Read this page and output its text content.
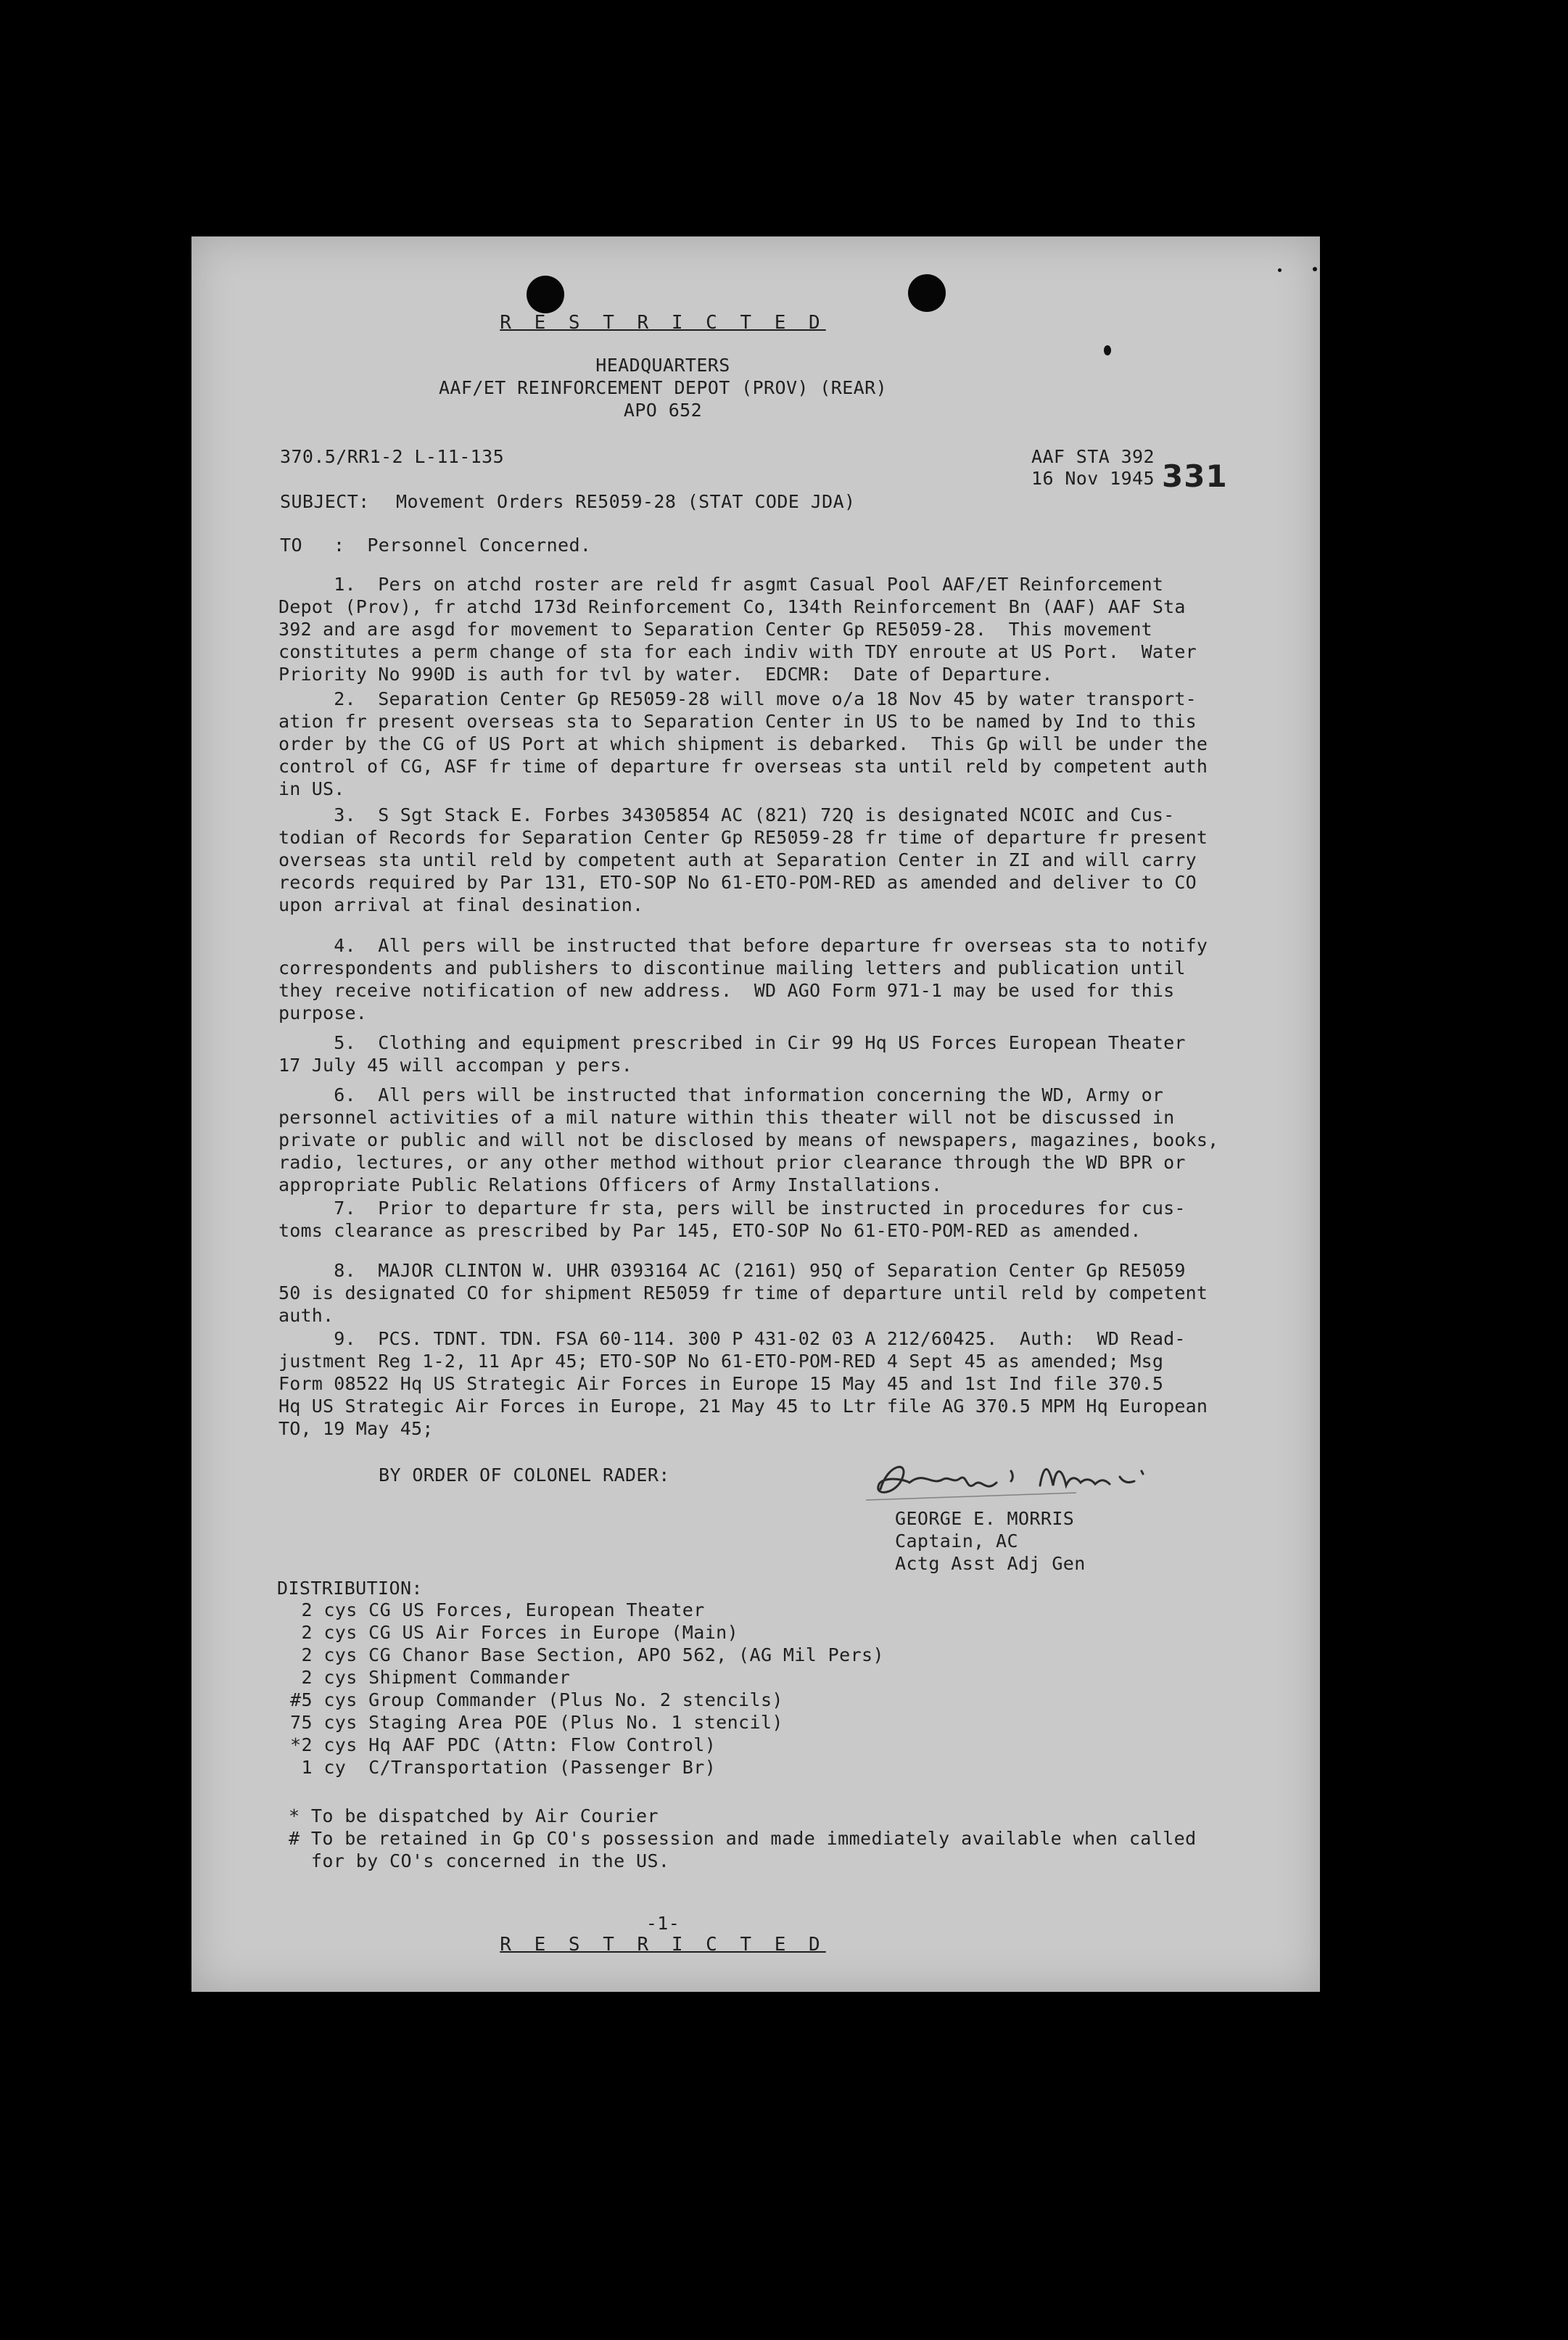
R E S T R I C T E D
HEADQUARTERS
AAF/ET REINFORCEMENT DEPOT (PROV) (REAR)
APO 652
370.5/RR1-2 L-11-135	AAF STA 392
16 Nov 1945 331
SUBJECT: Movement Orders RE5059-28 (STAT CODE JDA)
TO :  Personnel Concerned.
1.  Pers on atchd roster are reld fr asgmt Casual Pool AAF/ET Reinforcement
Depot (Prov), fr atchd 173d Reinforcement Co, 134th Reinforcement Bn (AAF) AAF Sta
392 and are asgd for movement to Separation Center Gp RE5059-28.  This movement
constitutes a perm change of sta for each indiv with TDY enroute at US Port.  Water
Priority No 990D is auth for tvl by water.  EDCMR:  Date of Departure.
2.  Separation Center Gp RE5059-28 will move o/a 18 Nov 45 by water transport-
ation fr present overseas sta to Separation Center in US to be named by Ind to this
order by the CG of US Port at which shipment is debarked.  This Gp will be under the
control of CG, ASF fr time of departure fr overseas sta until reld by competent auth
in US.
3.  S Sgt Stack E. Forbes 34305854 AC (821) 72Q is designated NCOIC and Cus-
todian of Records for Separation Center Gp RE5059-28 fr time of departure fr present
overseas sta until reld by competent auth at Separation Center in ZI and will carry
records required by Par 131, ETO-SOP No 61-ETO-POM-RED as amended and deliver to CO
upon arrival at final desination.
4.  All pers will be instructed that before departure fr overseas sta to notify
correspondents and publishers to discontinue mailing letters and publication until
they receive notification of new address.  WD AGO Form 971-1 may be used for this
purpose.
5.  Clothing and equipment prescribed in Cir 99 Hq US Forces European Theater
17 July 45 will accompan y pers.
6.  All pers will be instructed that information concerning the WD, Army or
personnel activities of a mil nature within this theater will not be discussed in
private or public and will not be disclosed by means of newspapers, magazines, books,
radio, lectures, or any other method without prior clearance through the WD BPR or
appropriate Public Relations Officers of Army Installations.
7.  Prior to departure fr sta, pers will be instructed in procedures for cus-
toms clearance as prescribed by Par 145, ETO-SOP No 61-ETO-POM-RED as amended.
8.  MAJOR CLINTON W. UHR 0393164 AC (2161) 95Q of Separation Center Gp RE5059
50 is designated CO for shipment RE5059 fr time of departure until reld by competent
auth.
9.  PCS. TDNT. TDN. FSA 60-114. 300 P 431-02 03 A 212/60425.  Auth:  WD Read-
justment Reg 1-2, 11 Apr 45; ETO-SOP No 61-ETO-POM-RED 4 Sept 45 as amended; Msg
Form 08522 Hq US Strategic Air Forces in Europe 15 May 45 and 1st Ind file 370.5
Hq US Strategic Air Forces in Europe, 21 May 45 to Ltr file AG 370.5 MPM Hq European
TO, 19 May 45;
BY ORDER OF COLONEL RADER:
GEORGE E. MORRIS
Captain, AC
Actg Asst Adj Gen
DISTRIBUTION:
2 cys CG US Forces, European Theater
2 cys CG US Air Forces in Europe (Main)
2 cys CG Chanor Base Section, APO 562, (AG Mil Pers)
2 cys Shipment Commander
#5 cys Group Commander (Plus No. 2 stencils)
75 cys Staging Area POE (Plus No. 1 stencil)
*2 cys Hq AAF PDC (Attn: Flow Control)
1 cy  C/Transportation (Passenger Br)
* To be dispatched by Air Courier
# To be retained in Gp CO's possession and made immediately available when called
for by CO's concerned in the US.
-1-
R E S T R I C T E D
